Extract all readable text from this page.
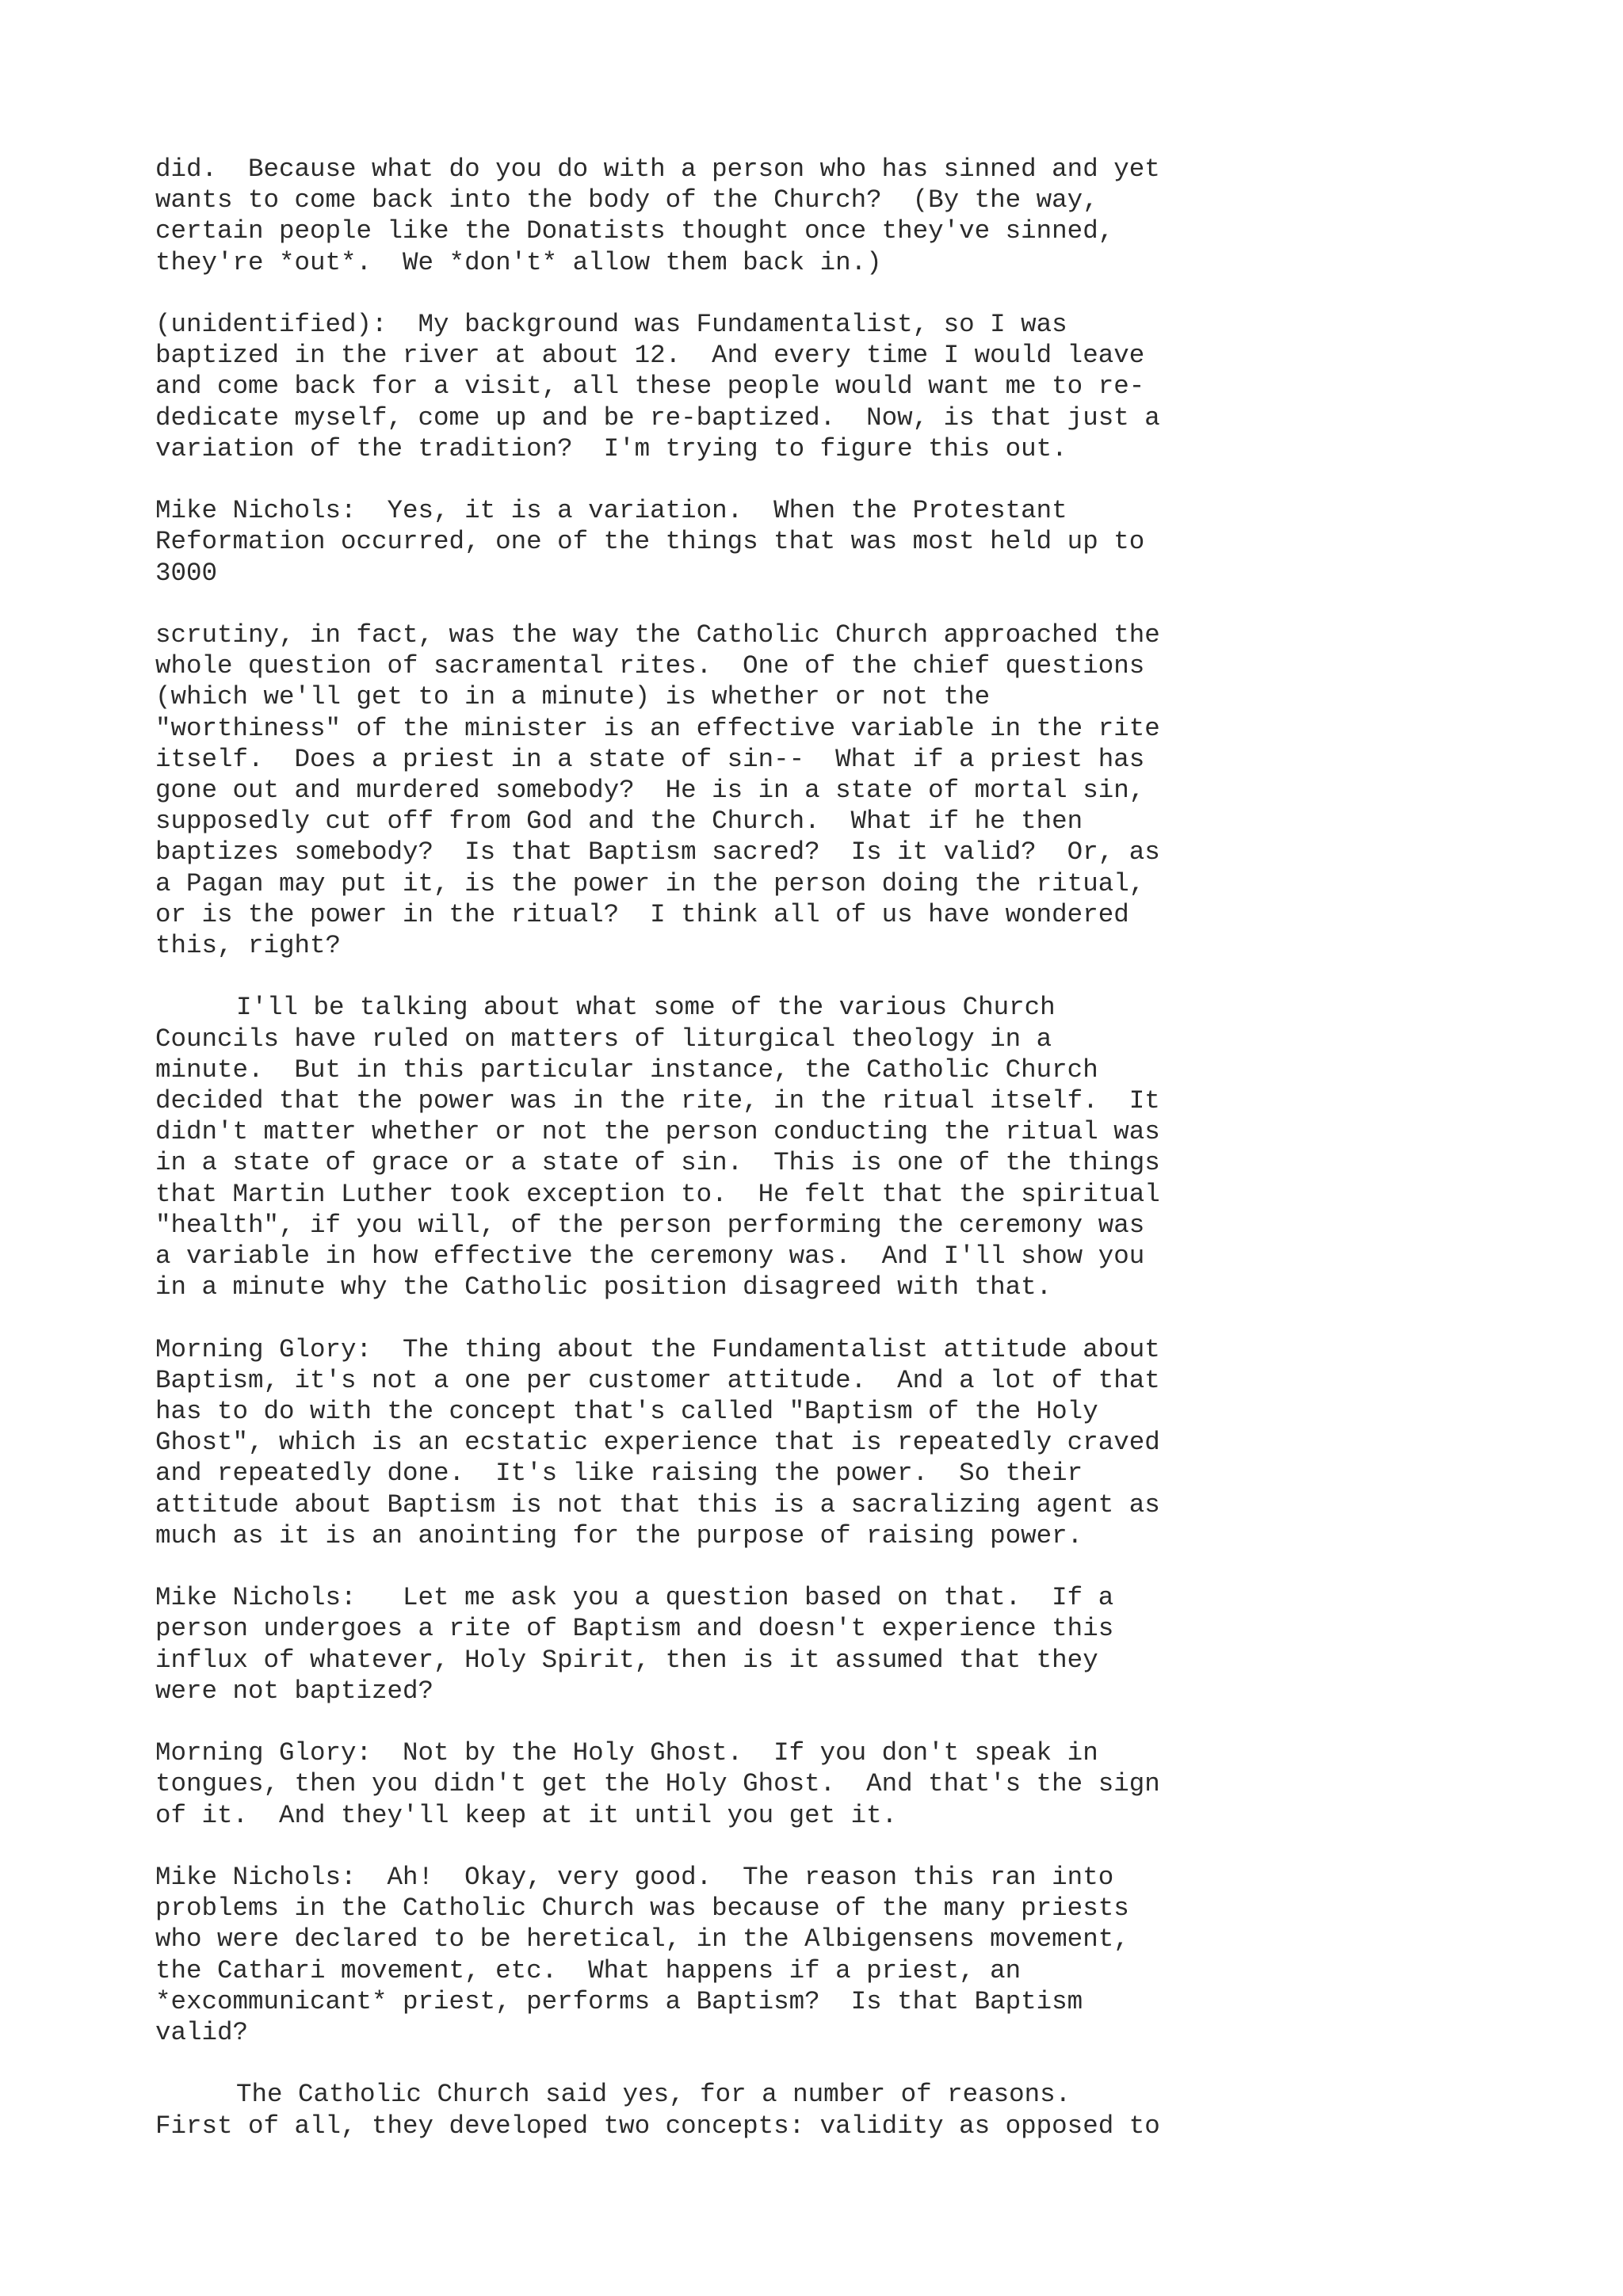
did.  Because what do you do with a person who has sinned and yet
wants to come back into the body of the Church?  (By the way,
certain people like the Donatists thought once they've sinned,
they're *out*.  We *don't* allow them back in.)

(unidentified):  My background was Fundamentalist, so I was
baptized in the river at about 12.  And every time I would leave
and come back for a visit, all these people would want me to re-
dedicate myself, come up and be re-baptized.  Now, is that just a
variation of the tradition?  I'm trying to figure this out.

Mike Nichols:  Yes, it is a variation.  When the Protestant
Reformation occurred, one of the things that was most held up to
3000

scrutiny, in fact, was the way the Catholic Church approached the
whole question of sacramental rites.  One of the chief questions
(which we'll get to in a minute) is whether or not the
"worthiness" of the minister is an effective variable in the rite
itself.  Does a priest in a state of sin--  What if a priest has
gone out and murdered somebody?  He is in a state of mortal sin,
supposedly cut off from God and the Church.  What if he then
baptizes somebody?  Is that Baptism sacred?  Is it valid?  Or, as
a Pagan may put it, is the power in the person doing the ritual,
or is the power in the ritual?  I think all of us have wondered
this, right?

I'll be talking about what some of the various Church
Councils have ruled on matters of liturgical theology in a
minute.  But in this particular instance, the Catholic Church
decided that the power was in the rite, in the ritual itself.  It
didn't matter whether or not the person conducting the ritual was
in a state of grace or a state of sin.  This is one of the things
that Martin Luther took exception to.  He felt that the spiritual
"health", if you will, of the person performing the ceremony was
a variable in how effective the ceremony was.  And I'll show you
in a minute why the Catholic position disagreed with that.

Morning Glory:  The thing about the Fundamentalist attitude about
Baptism, it's not a one per customer attitude.  And a lot of that
has to do with the concept that's called "Baptism of the Holy
Ghost", which is an ecstatic experience that is repeatedly craved
and repeatedly done.  It's like raising the power.  So their
attitude about Baptism is not that this is a sacralizing agent as
much as it is an anointing for the purpose of raising power.

Mike Nichols:   Let me ask you a question based on that.  If a
person undergoes a rite of Baptism and doesn't experience this
influx of whatever, Holy Spirit, then is it assumed that they
were not baptized?

Morning Glory:  Not by the Holy Ghost.  If you don't speak in
tongues, then you didn't get the Holy Ghost.  And that's the sign
of it.  And they'll keep at it until you get it.

Mike Nichols:  Ah!  Okay, very good.  The reason this ran into
problems in the Catholic Church was because of the many priests
who were declared to be heretical, in the Albigensens movement,
the Cathari movement, etc.  What happens if a priest, an
*excommunicant* priest, performs a Baptism?  Is that Baptism
valid?

The Catholic Church said yes, for a number of reasons.
First of all, they developed two concepts: validity as opposed to
